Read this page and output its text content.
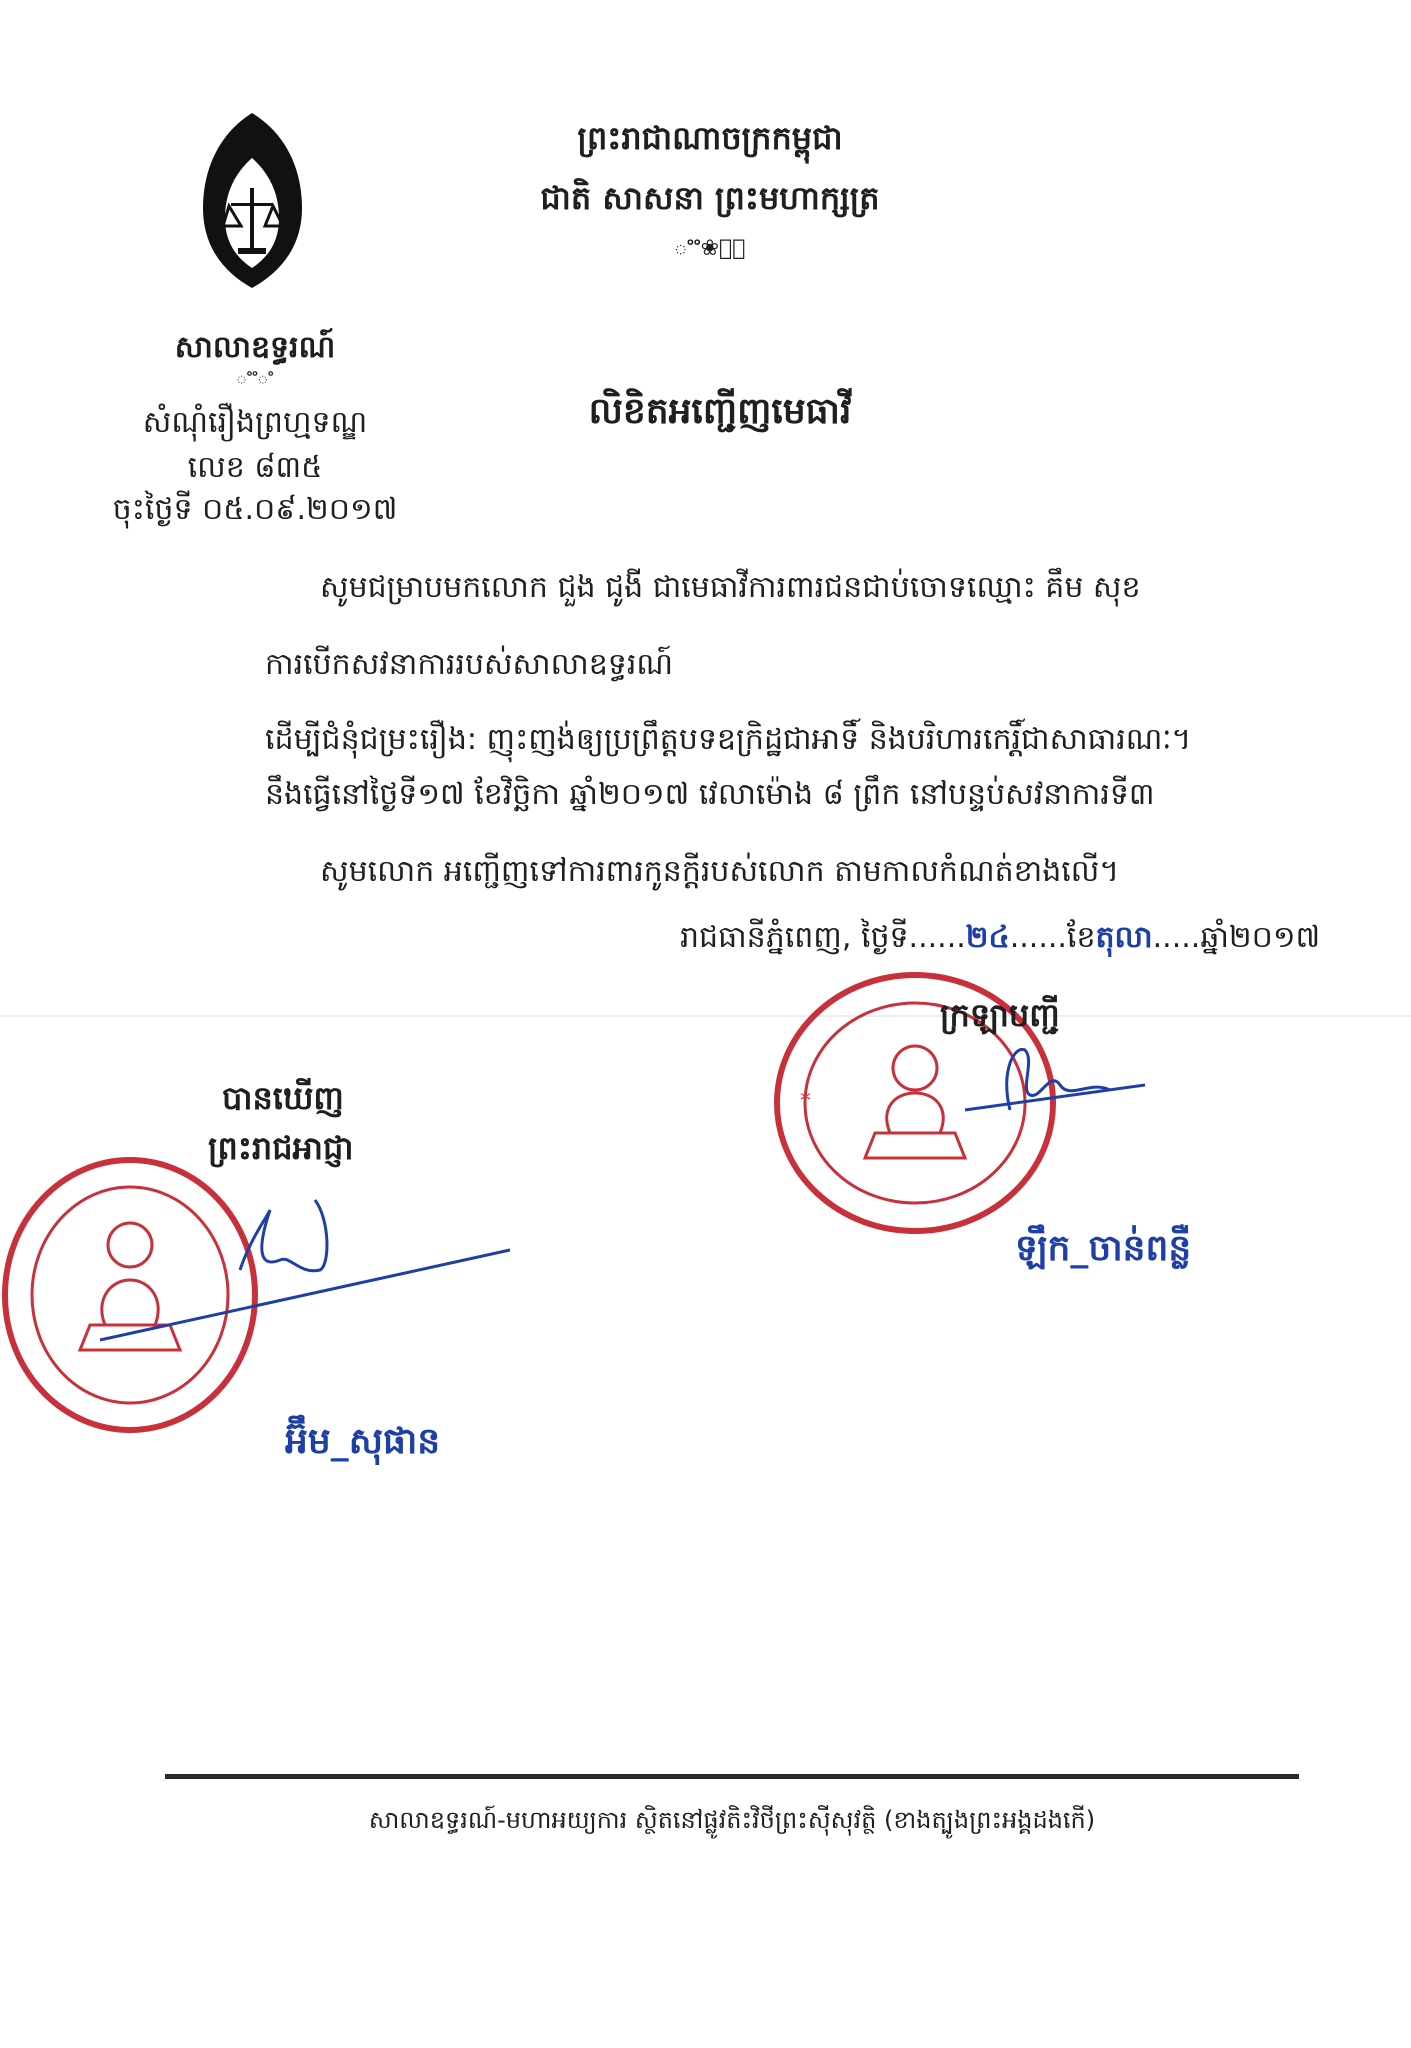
ព្រះរាជាណាចក្រកម្ពុជា
ជាតិ សាសនា ព្រះមហាក្សត្រ
ೳೳ❀ೳೳ
សាលាឧទ្ធរណ៍
ೳೳೳ
សំណុំរឿងព្រហ្មទណ្ឌ
លេខ ៨៣៥
ចុះថ្ងៃទី ០៥.០៩.២០១៧
លិខិតអញ្ជើញមេធាវី
សូមជម្រាបមកលោក ជួង ជូងី ជាមេធាវីការពារជនជាប់ចោទឈ្មោះ គឹម សុខ
ការបើកសវនាការរបស់សាលាឧទ្ធរណ៍
ដើម្បីជំនុំជម្រះរឿង: ញុះញង់ឲ្យប្រព្រឹត្តបទឧក្រិដ្ឋជាអាទិ៍ និងបរិហារកេរ្តិ៍ជាសាធារណៈ។
នឹងធ្វើនៅថ្ងៃទី១៧ ខែវិច្ឆិកា ឆ្នាំ២០១៧ វេលាម៉ោង ៨ ព្រឹក នៅបន្ទប់សវនាការទី៣
សូមលោក អញ្ជើញទៅការពារកូនក្តីរបស់លោក តាមកាលកំណត់ខាងលើ។
រាជធានីភ្នំពេញ, ថ្ងៃទី......២៤......ខែតុលា.....ឆ្នាំ២០១៧
*
ក្រឡាបញ្ជី
ឡឹក_ចាន់ពន្លឺ
បានឃើញ
ព្រះរាជអាជ្ញា
អ៊ឹម_សុផាន
សាលាឧទ្ធរណ៍-មហាអយ្យការ ស្ថិតនៅផ្លូវតិះវិថីព្រះស៊ីសុវត្ថិ (ខាងត្បូងព្រះអង្គដងកើ)
